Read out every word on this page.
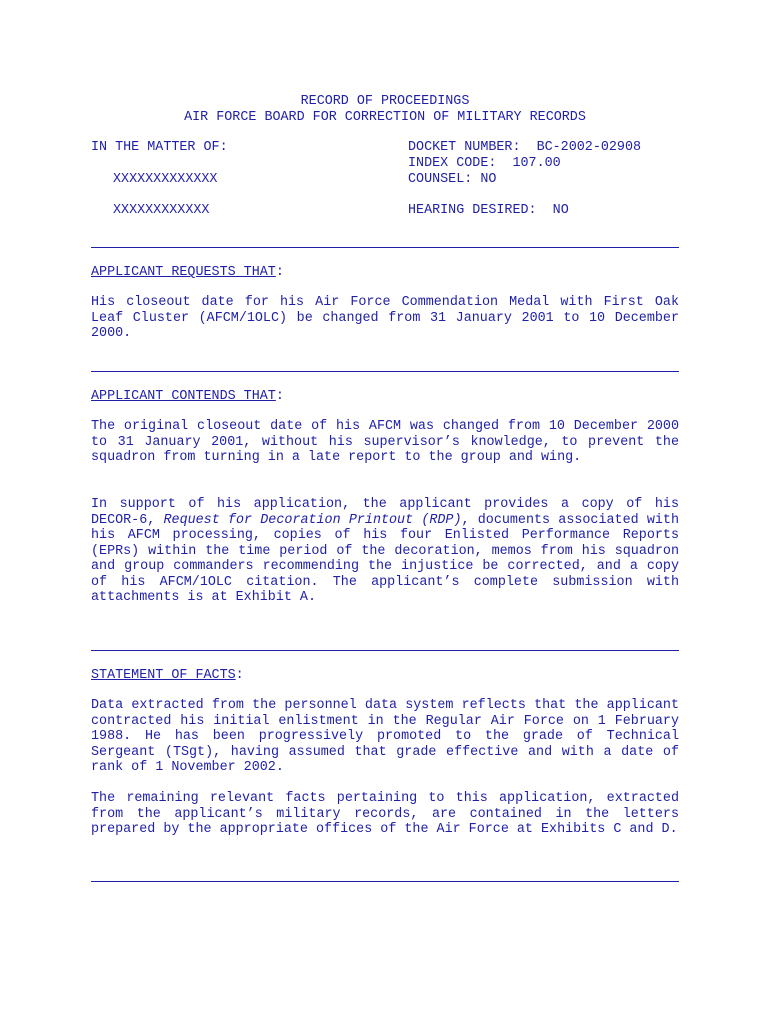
RECORD OF PROCEEDINGS
AIR FORCE BOARD FOR CORRECTION OF MILITARY RECORDS
IN THE MATTER OF:
XXXXXXXXXXXXX
XXXXXXXXXXXX
DOCKET NUMBER: BC-2002-02908
INDEX CODE: 107.00
COUNSEL: NO
HEARING DESIRED: NO
APPLICANT REQUESTS THAT:
His closeout date for his Air Force Commendation Medal with First Oak Leaf Cluster (AFCM/1OLC) be changed from 31 January 2001 to 10 December 2000.
APPLICANT CONTENDS THAT:
The original closeout date of his AFCM was changed from 10 December 2000 to 31 January 2001, without his supervisor’s knowledge, to prevent the squadron from turning in a late report to the group and wing.
In support of his application, the applicant provides a copy of his DECOR-6, Request for Decoration Printout (RDP), documents associated with his AFCM processing, copies of his four Enlisted Performance Reports (EPRs) within the time period of the decoration, memos from his squadron and group commanders recommending the injustice be corrected, and a copy of his AFCM/1OLC citation. The applicant’s complete submission with attachments is at Exhibit A.
STATEMENT OF FACTS:
Data extracted from the personnel data system reflects that the applicant contracted his initial enlistment in the Regular Air Force on 1 February 1988. He has been progressively promoted to the grade of Technical Sergeant (TSgt), having assumed that grade effective and with a date of rank of 1 November 2002.
The remaining relevant facts pertaining to this application, extracted from the applicant’s military records, are contained in the letters prepared by the appropriate offices of the Air Force at Exhibits C and D.
